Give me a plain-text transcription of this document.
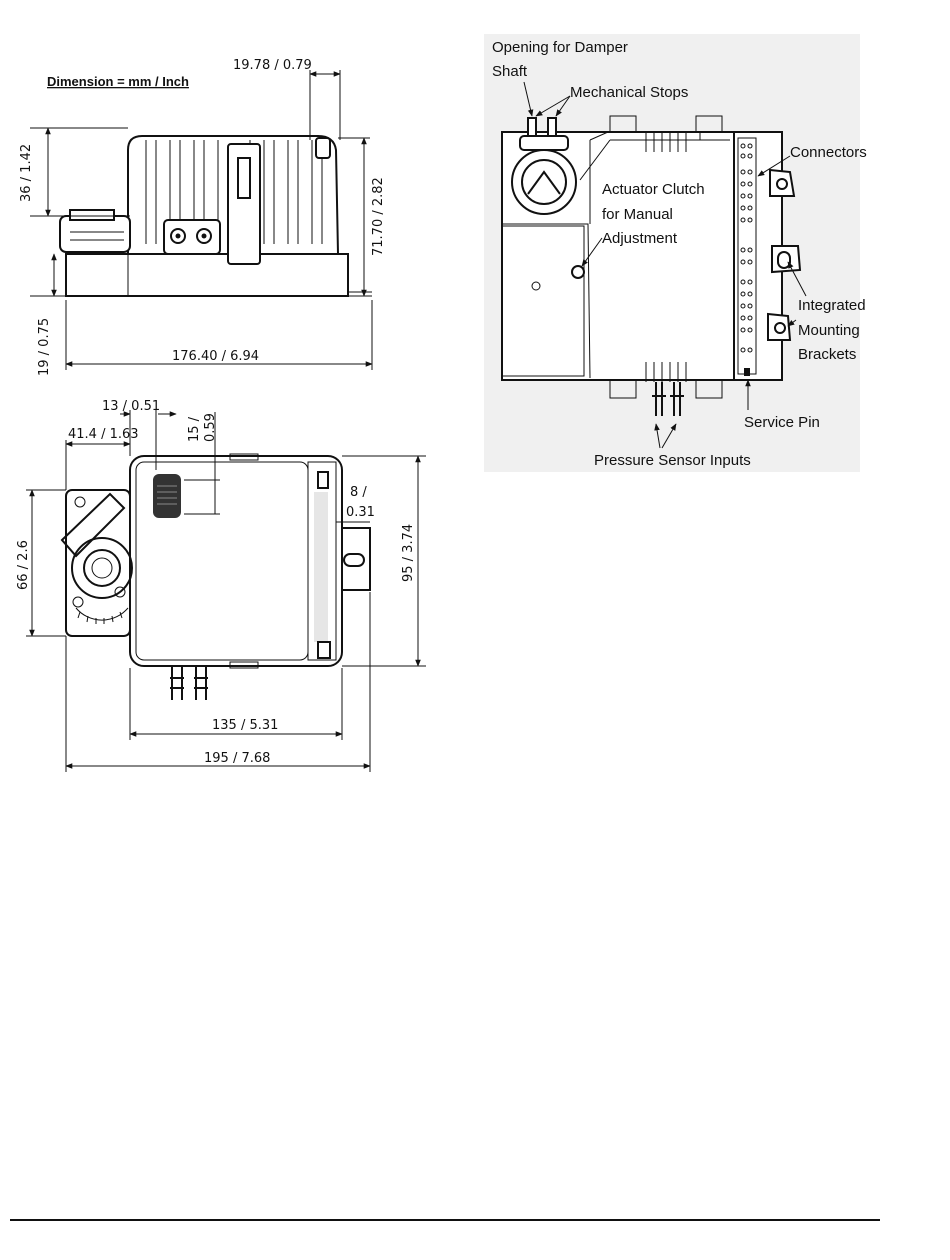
Dimension = mm / Inch
19.78 / 0.79
36 / 1.42
19 / 0.75
71.70 / 2.82
176.40 / 6.94
13 / 0.51
41.4 / 1.63	15 / 0.59
8 /
0.31
66 / 2.6	95 / 3.74
135 / 5.31
195 / 7.68
Opening for Damper
Shaft
Mechanical Stops
Connectors
Actuator Clutch
for Manual
Adjustment
Integrated
Mounting
Brackets
Service Pin
Pressure Sensor Inputs
